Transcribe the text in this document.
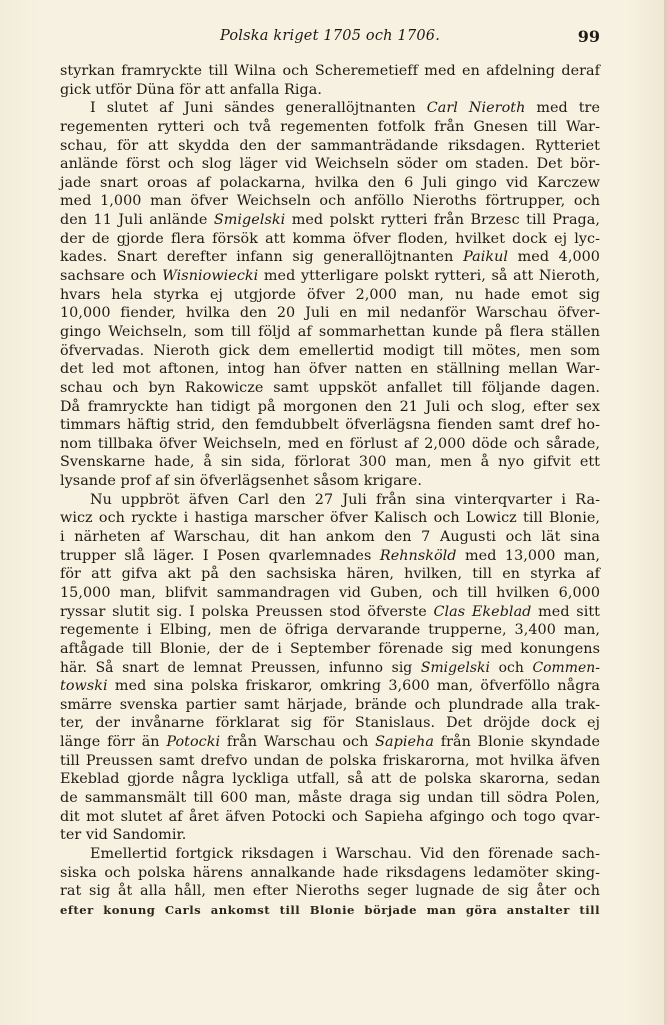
Polska kriget 1705 och 1706.	99
styrkan framryckte till Wilna och Scheremetieff med en afdelning deraf
gick utför Düna för att anfalla Riga.
I slutet af Juni sändes generallöjtnanten Carl Nieroth med tre
regementen rytteri och två regementen fotfolk från Gnesen till War-
schau, för att skydda den der sammanträdande riksdagen. Rytteriet
anlände först och slog läger vid Weichseln söder om staden. Det bör-
jade snart oroas af polackarna, hvilka den 6 Juli gingo vid Karczew
med 1,000 man öfver Weichseln och anföllo Nieroths förtrupper, och
den 11 Juli anlände Smigelski med polskt rytteri från Brzesc till Praga,
der de gjorde flera försök att komma öfver floden, hvilket dock ej lyc-
kades. Snart derefter infann sig generallöjtnanten Paikul med 4,000
sachsare och Wisniowiecki med ytterligare polskt rytteri, så att Nieroth,
hvars hela styrka ej utgjorde öfver 2,000 man, nu hade emot sig
10,000 fiender, hvilka den 20 Juli en mil nedanför Warschau öfver-
gingo Weichseln, som till följd af sommarhettan kunde på flera ställen
öfvervadas. Nieroth gick dem emellertid modigt till mötes, men som
det led mot aftonen, intog han öfver natten en ställning mellan War-
schau och byn Rakowicze samt uppsköt anfallet till följande dagen.
Då framryckte han tidigt på morgonen den 21 Juli och slog, efter sex
timmars häftig strid, den femdubbelt öfverlägsna fienden samt dref ho-
nom tillbaka öfver Weichseln, med en förlust af 2,000 döde och sårade,
Svenskarne hade, å sin sida, förlorat 300 man, men å nyo gifvit ett
lysande prof af sin öfverlägsenhet såsom krigare.
Nu uppbröt äfven Carl den 27 Juli från sina vinterqvarter i Ra-
wicz och ryckte i hastiga marscher öfver Kalisch och Lowicz till Blonie,
i närheten af Warschau, dit han ankom den 7 Augusti och lät sina
trupper slå läger. I Posen qvarlemnades Rehnsköld med 13,000 man,
för att gifva akt på den sachsiska hären, hvilken, till en styrka af
15,000 man, blifvit sammandragen vid Guben, och till hvilken 6,000
ryssar slutit sig. I polska Preussen stod öfverste Clas Ekeblad med sitt
regemente i Elbing, men de öfriga dervarande trupperne, 3,400 man,
aftågade till Blonie, der de i September förenade sig med konungens
här. Så snart de lemnat Preussen, infunno sig Smigelski och Commen-
towski med sina polska friskaror, omkring 3,600 man, öfverföllo några
smärre svenska partier samt härjade, brände och plundrade alla trak-
ter, der invånarne förklarat sig för Stanislaus. Det dröjde dock ej
länge förr än Potocki från Warschau och Sapieha från Blonie skyndade
till Preussen samt drefvo undan de polska friskarorna, mot hvilka äfven
Ekeblad gjorde några lyckliga utfall, så att de polska skarorna, sedan
de sammansmält till 600 man, måste draga sig undan till södra Polen,
dit mot slutet af året äfven Potocki och Sapieha afgingo och togo qvar-
ter vid Sandomir.
Emellertid fortgick riksdagen i Warschau. Vid den förenade sach-
siska och polska härens annalkande hade riksdagens ledamöter sking-
rat sig åt alla håll, men efter Nieroths seger lugnade de sig åter och
efter konung Carls ankomst till Blonie började man göra anstalter till
